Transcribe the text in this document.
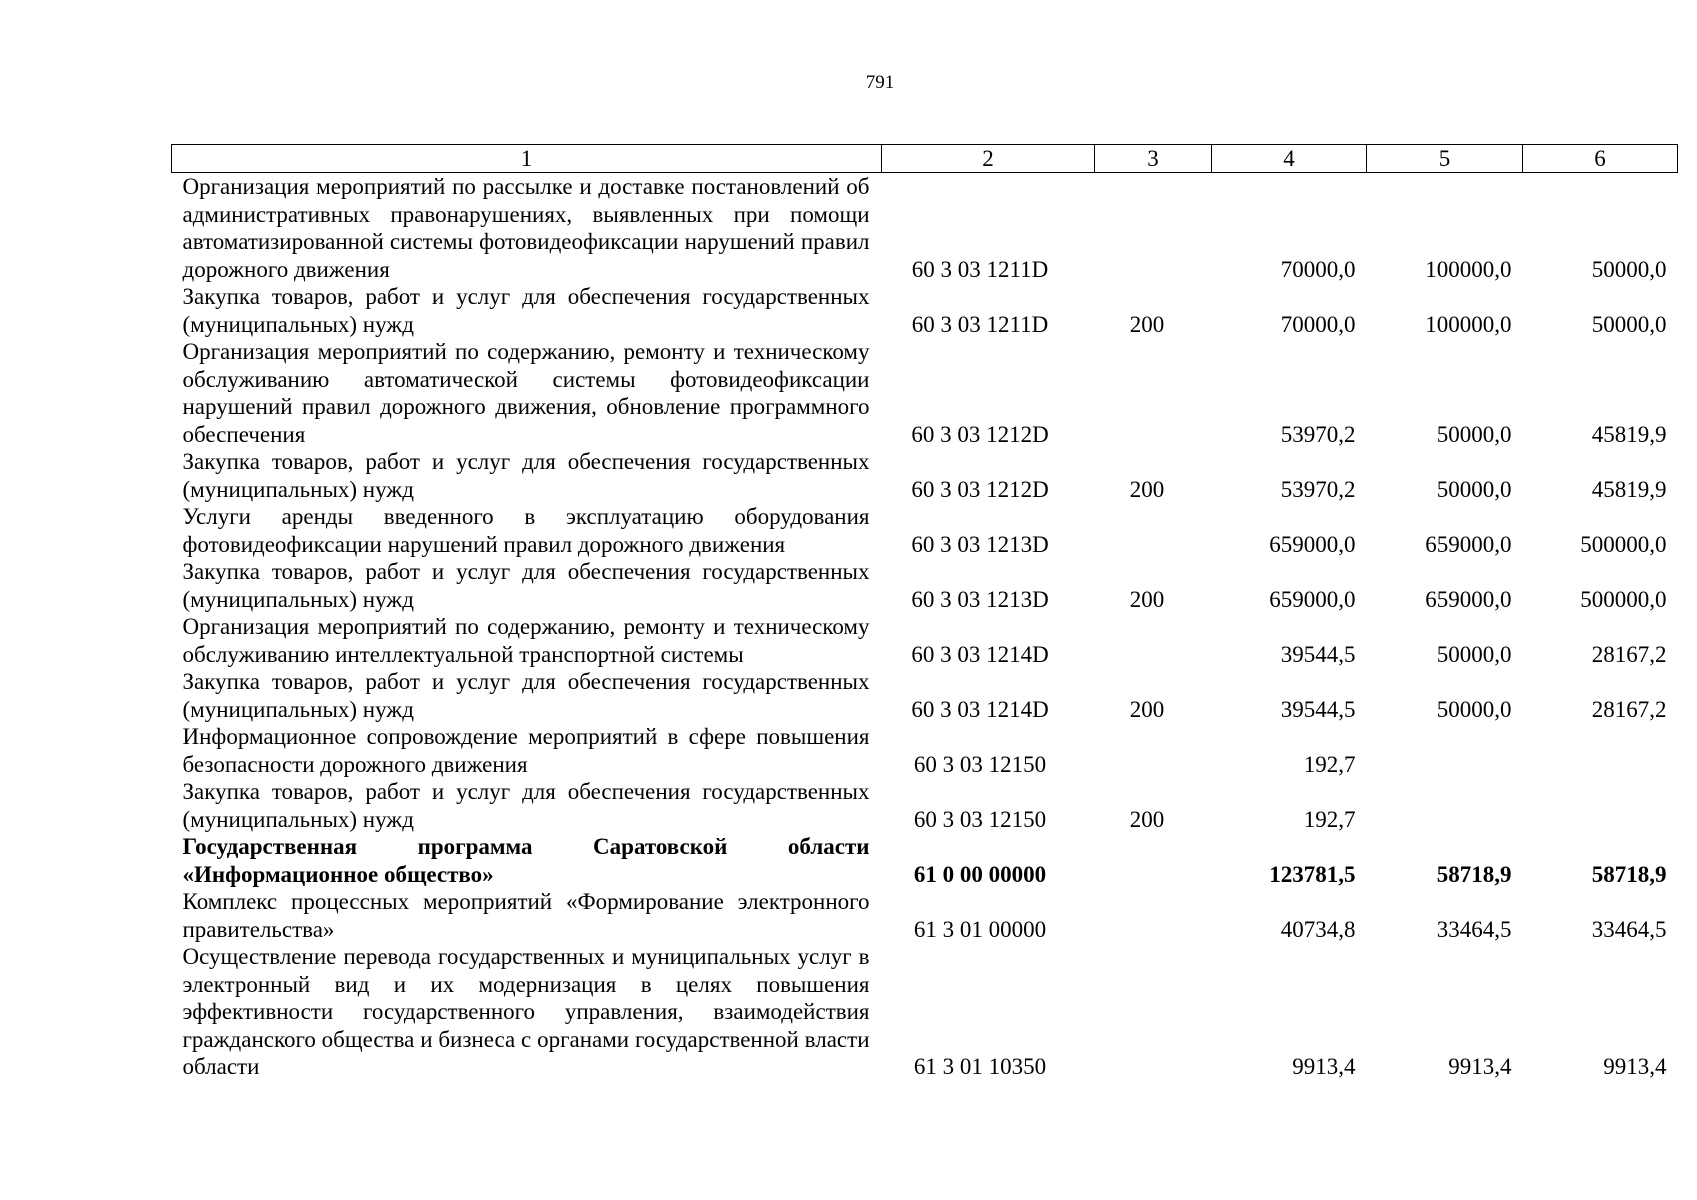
791
1	2	3	4	5	6
Организация мероприятий по рассылке и доставке постановлений об административных правонарушениях, выявленных при помощи автоматизированной системы фотовидеофиксации нарушений правил дорожного движения	60 3 03 1211D		70000,0	100000,0	50000,0
Закупка товаров, работ и услуг для обеспечения государственных (муниципальных) нужд	60 3 03 1211D	200	70000,0	100000,0	50000,0
Организация мероприятий по содержанию, ремонту и техническому обслуживанию автоматической системы фотовидеофиксации нарушений правил дорожного движения, обновление программного обеспечения	60 3 03 1212D		53970,2	50000,0	45819,9
Закупка товаров, работ и услуг для обеспечения государственных (муниципальных) нужд	60 3 03 1212D	200	53970,2	50000,0	45819,9
Услуги аренды введенного в эксплуатацию оборудования фотовидеофиксации нарушений правил дорожного движения	60 3 03 1213D		659000,0	659000,0	500000,0
Закупка товаров, работ и услуг для обеспечения государственных (муниципальных) нужд	60 3 03 1213D	200	659000,0	659000,0	500000,0
Организация мероприятий по содержанию, ремонту и техническому обслуживанию интеллектуальной транспортной системы	60 3 03 1214D		39544,5	50000,0	28167,2
Закупка товаров, работ и услуг для обеспечения государственных (муниципальных) нужд	60 3 03 1214D	200	39544,5	50000,0	28167,2
Информационное сопровождение мероприятий в сфере повышения безопасности дорожного движения	60 3 03 12150		192,7		
Закупка товаров, работ и услуг для обеспечения государственных (муниципальных) нужд	60 3 03 12150	200	192,7		
Государственная программа Саратовской области «Информационное общество»	61 0 00 00000		123781,5	58718,9	58718,9
Комплекс процессных мероприятий «Формирование электронного правительства»	61 3 01 00000		40734,8	33464,5	33464,5
Осуществление перевода государственных и муниципальных услуг в электронный вид и их модернизация в целях повышения эффективности государственного управления, взаимодействия гражданского общества и бизнеса с органами государственной власти области	61 3 01 10350		9913,4	9913,4	9913,4
